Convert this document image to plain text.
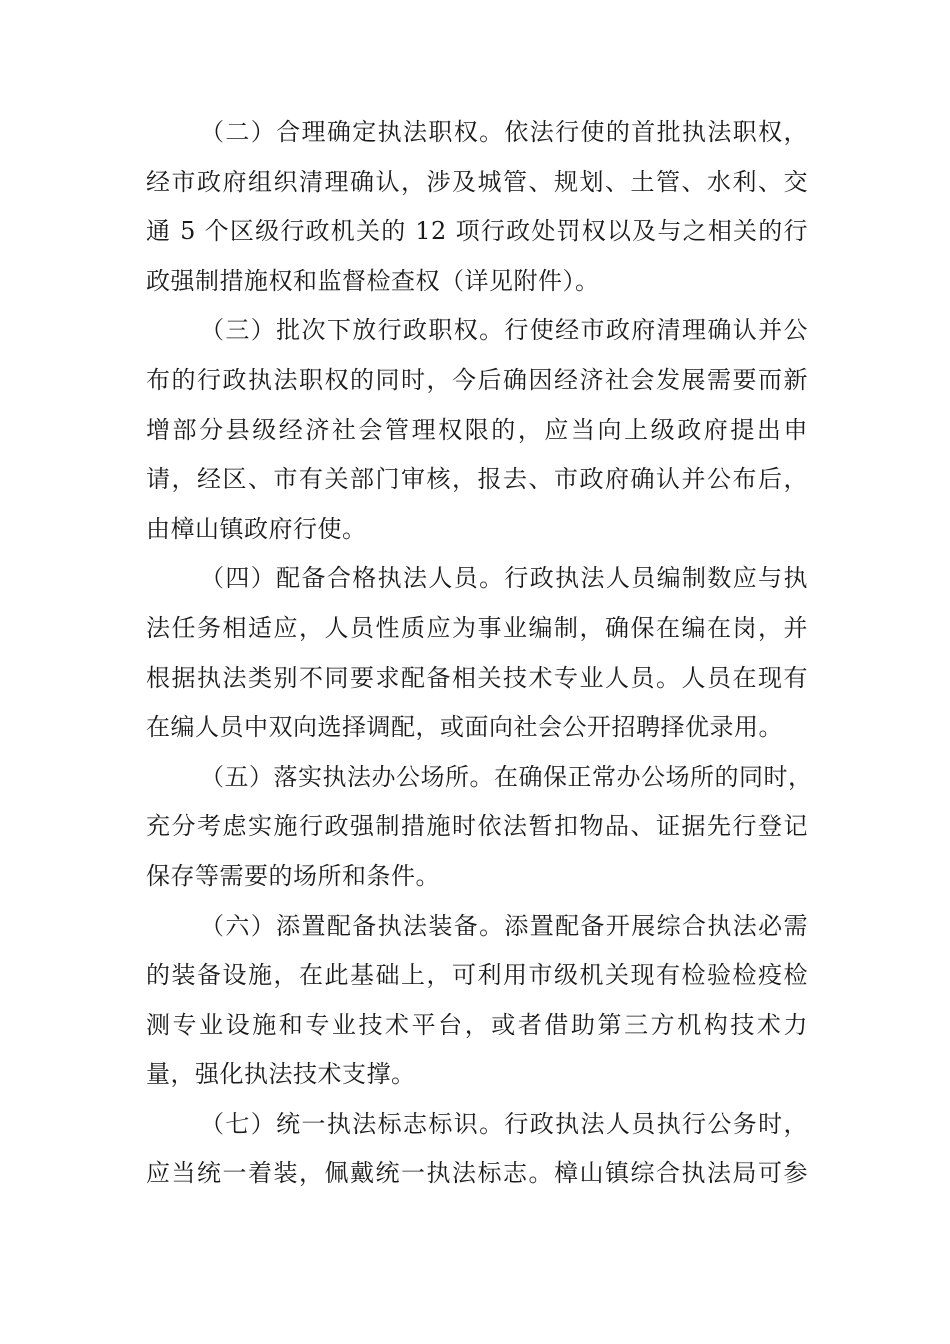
（二）合理确定执法职权。依法行使的首批执法职权，
经市政府组织清理确认，涉及城管、规划、土管、水利、交
通 5 个区级行政机关的 12 项行政处罚权以及与之相关的行
政强制措施权和监督检查权（详见附件）。
（三）批次下放行政职权。行使经市政府清理确认并公
布的行政执法职权的同时，今后确因经济社会发展需要而新
增部分县级经济社会管理权限的，应当向上级政府提出申
请，经区、市有关部门审核，报去、市政府确认并公布后，
由樟山镇政府行使。
（四）配备合格执法人员。行政执法人员编制数应与执
法任务相适应，人员性质应为事业编制，确保在编在岗，并
根据执法类别不同要求配备相关技术专业人员。人员在现有
在编人员中双向选择调配，或面向社会公开招聘择优录用。
（五）落实执法办公场所。在确保正常办公场所的同时，
充分考虑实施行政强制措施时依法暂扣物品、证据先行登记
保存等需要的场所和条件。
（六）添置配备执法装备。添置配备开展综合执法必需
的装备设施，在此基础上，可利用市级机关现有检验检疫检
测专业设施和专业技术平台，或者借助第三方机构技术力
量，强化执法技术支撑。
（七）统一执法标志标识。行政执法人员执行公务时，
应当统一着装，佩戴统一执法标志。樟山镇综合执法局可参
